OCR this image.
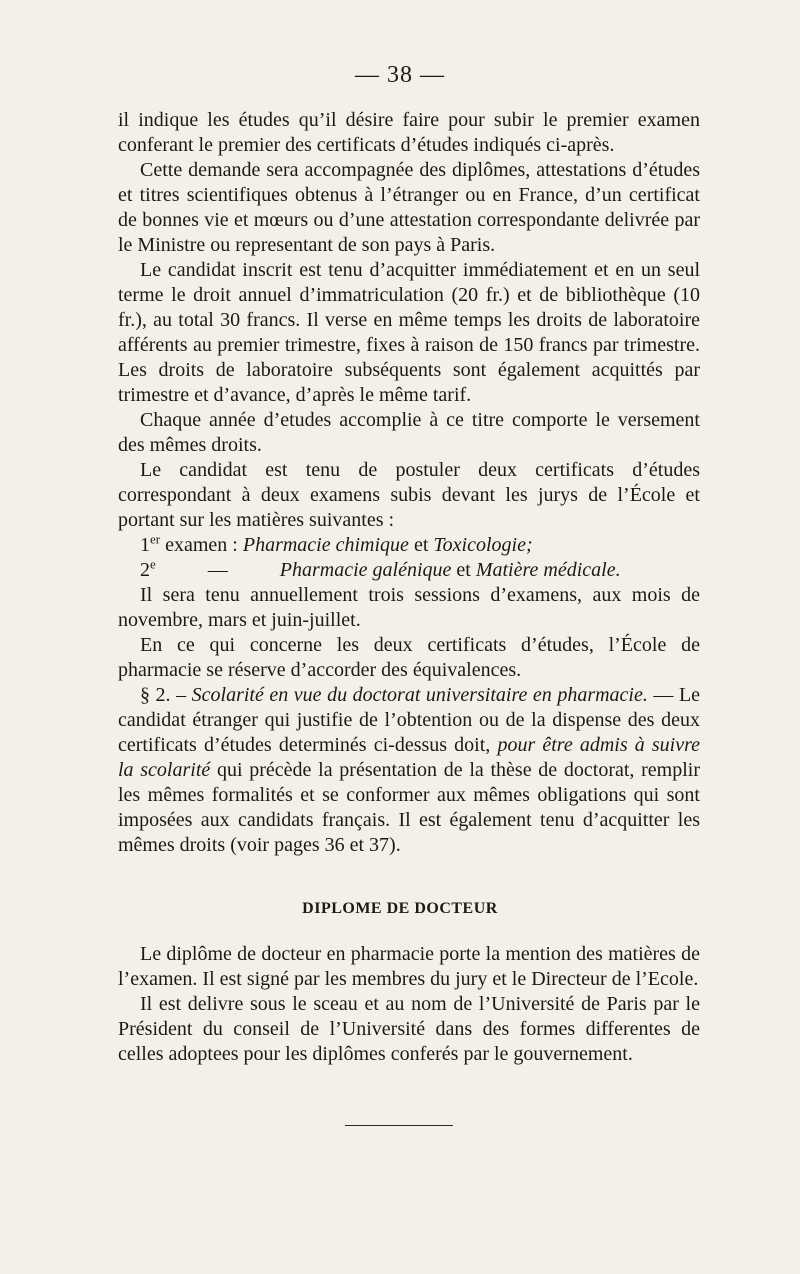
— 38 —

il indique les études qu’il désire faire pour subir le premier examen conferant le premier des certificats d’études indiqués ci-après.

Cette demande sera accompagnée des diplômes, attestations d’études et titres scientifiques obtenus à l’étranger ou en France, d’un certificat de bonnes vie et mœurs ou d’une attestation correspondante delivrée par le Ministre ou representant de son pays à Paris.

Le candidat inscrit est tenu d’acquitter immédiatement et en un seul terme le droit annuel d’immatriculation (20 fr.) et de bibliothèque (10 fr.), au total 30 francs. Il verse en même temps les droits de laboratoire afférents au premier trimestre, fixes à raison de 150 francs par trimestre. Les droits de laboratoire subséquents sont également acquittés par trimestre et d’avance, d’après le même tarif.

Chaque année d’etudes accomplie à ce titre comporte le versement des mêmes droits.

Le candidat est tenu de postuler deux certificats d’études correspondant à deux examens subis devant les jurys de l’École et portant sur les matières suivantes :

1er examen : Pharmacie chimique et Toxicologie;

2e	—	Pharmacie galénique et Matière médicale.

Il sera tenu annuellement trois sessions d’examens, aux mois de novembre, mars et juin-juillet.

En ce qui concerne les deux certificats d’études, l’École de pharmacie se réserve d’accorder des équivalences.

§ 2. – Scolarité en vue du doctorat universitaire en pharmacie. — Le candidat étranger qui justifie de l’obtention ou de la dispense des deux certificats d’études determinés ci-dessus doit, pour être admis à suivre la scolarité qui précède la présentation de la thèse de doctorat, remplir les mêmes formalités et se conformer aux mêmes obligations qui sont imposées aux candidats français. Il est également tenu d’acquitter les mêmes droits (voir pages 36 et 37).

DIPLOME DE DOCTEUR

Le diplôme de docteur en pharmacie porte la mention des matières de l’examen. Il est signé par les membres du jury et le Directeur de l’Ecole.

Il est delivre sous le sceau et au nom de l’Université de Paris par le Président du conseil de l’Université dans des formes differentes de celles adoptees pour les diplômes conferés par le gouvernement.
